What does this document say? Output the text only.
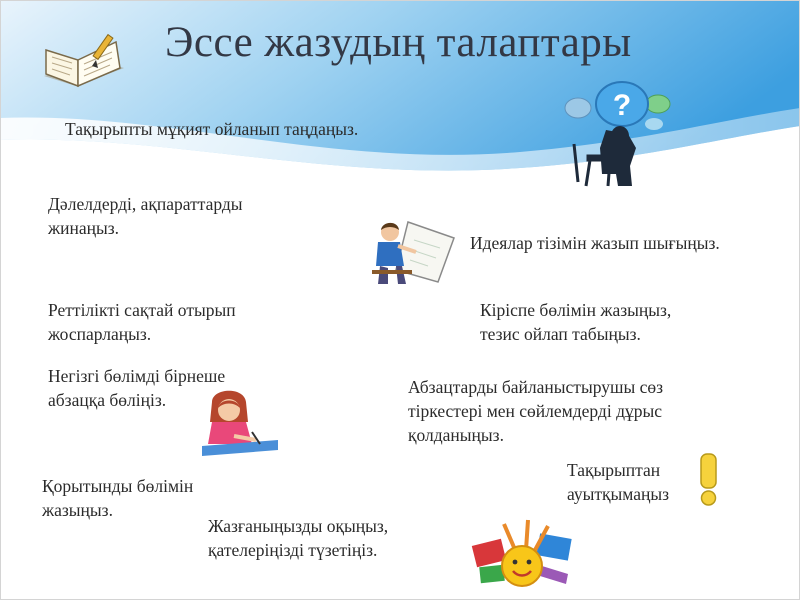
Эссе жазудың талаптары
?
!
Тақырыпты мұқият ойланып таңдаңыз.
Дәлелдерді, ақпараттарды
жинаңыз.
Идеялар тізімін жазып шығыңыз.
Реттілікті сақтай отырып
жоспарлаңыз.
Кіріспе бөлімін жазыңыз,
тезис ойлап табыңыз.
Негізгі бөлімді бірнеше
абзацқа бөліңіз.
Абзацтарды байланыстырушы сөз
тіркестері мен сөйлемдерді дұрыс
қолданыңыз.
Қорытынды бөлімін
жазыңыз.
Тақырыптан
ауытқымаңыз
Жазғаныңызды оқыңыз,
қателеріңізді түзетіңіз.
